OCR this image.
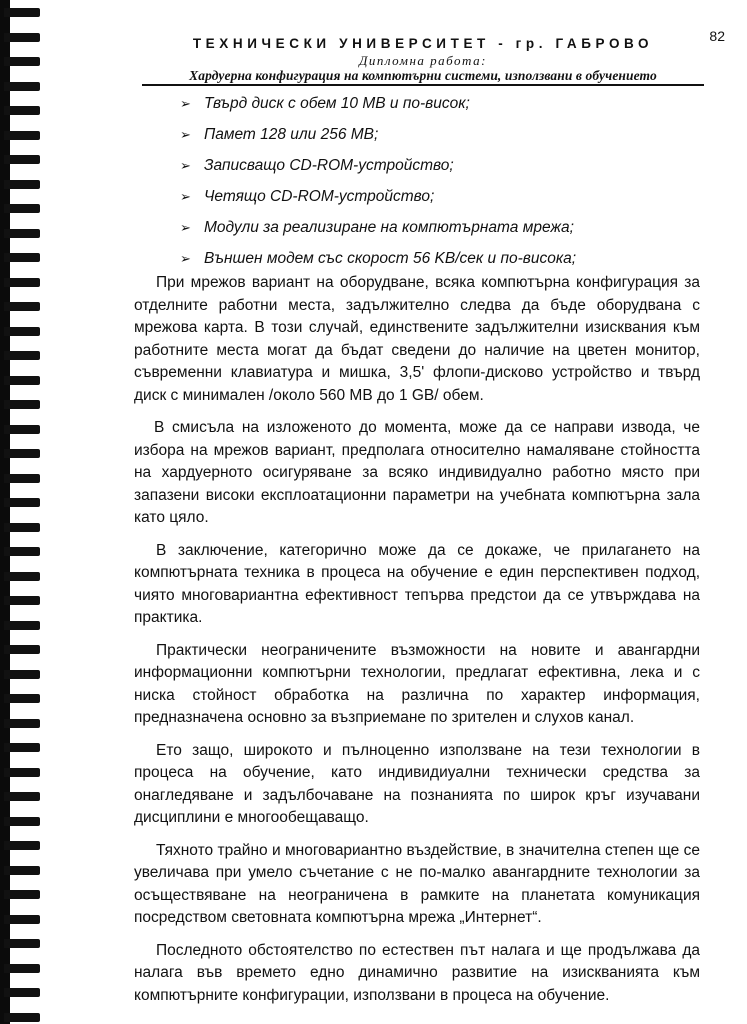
82
ТЕХНИЧЕСКИ УНИВЕРСИТЕТ - гр. ГАБРОВО
Дипломна работа:
Хардуерна конфигурация на компютърни системи, използвани в обучението
➢ Твърд диск с обем 10 MB и по-висок;
➢ Памет 128 или 256 MB;
➢ Записващо CD-ROM-устройство;
➢ Четящо CD-ROM-устройство;
➢ Модули за реализиране на компютърната мрежа;
➢ Външен модем със скорост 56 KB/сек и по-висока;

При мрежов вариант на оборудване, всяка компютърна конфигурация за отделните работни места, задължително следва да бъде оборудвана с мрежова карта. В този случай, единствените задължителни изисквания към работните места могат да бъдат сведени до наличие на цветен монитор, съвременни клавиатура и мишка, 3,5' флопи-дисково устройство и твърд диск с минимален /около 560 MB до 1 GB/ обем.

В смисъла на изложеното до момента, може да се направи извода, че избора на мрежов вариант, предполага относително намаляване стойността на хардуерното осигуряване за всяко индивидуално работно място при запазени високи експлоатационни параметри на учебната компютърна зала като цяло.

В заключение, категорично може да се докаже, че прилагането на компютърната техника в процеса на обучение е един перспективен подход, чиято многовариантна ефективност тепърва предстои да се утвърждава на практика.

Практически неограничените възможности на новите и авангардни информационни компютърни технологии, предлагат ефективна, лека и с ниска стойност обработка на различна по характер информация, предназначена основно за възприемане по зрителен и слухов канал.

Ето защо, широкото и пълноценно използване на тези технологии в процеса на обучение, като индивидиуални технически средства за онагледяване и задълбочаване на познанията по широк кръг изучавани дисциплини е многообещаващо.

Тяхното трайно и многовариантно въздействие, в значителна степен ще се увеличава при умело съчетание с не по-малко авангардните технологии за осъществяване на неограничена в рамките на планетата комуникация посредством световната компютърна мрежа „Интернет“.

Последното обстоятелство по естествен път налага и ще продължава да налага във времето едно динамично развитие на изискванията към компютърните конфигурации, използвани в процеса на обучение.
